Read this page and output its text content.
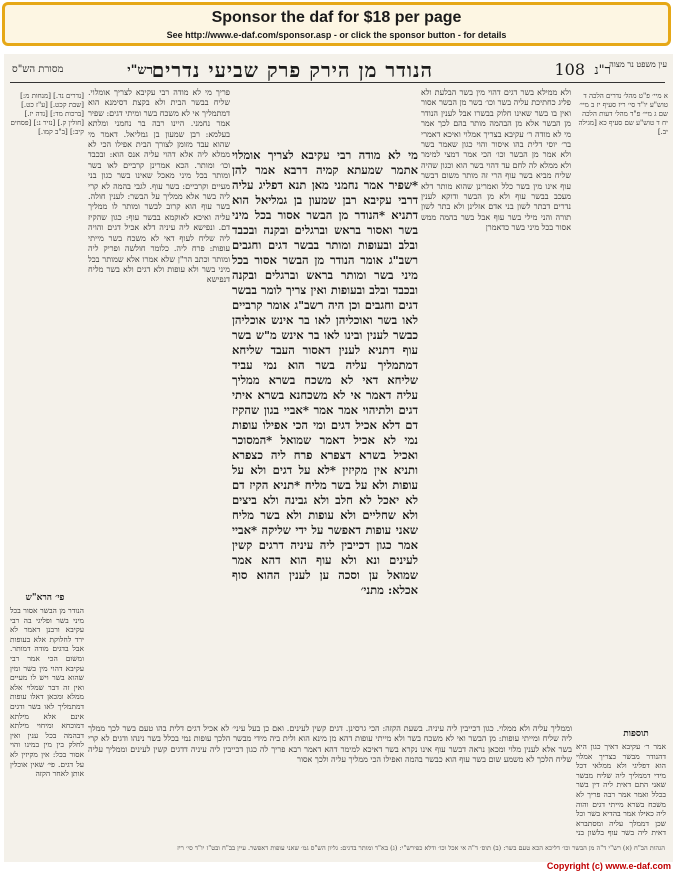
Sponsor the daf for $18 per page
See http://www.e-daf.com/sponsor.asp - or click the sponsor button - for details
108 ר"נ
הנודר מן הירק פרק שביעי נדרים
רש"י
מסורת הש"ס	עין משפט נר מצוה
פריך מי לא מודה רבי עקיבא לצריך אומלוי. שליח בבשר הבית ולא בקצת דסימנא הוא דמתמליך אי לא משכח בשר ומיתי דגים: שפיר אמר נחמני. היינו רבה בר נחמני ומלתא בעלמא: רבן שמעון בן גמליאל. דאמר מי שהוא עבד מזומן לצורך הבית אפילו הכי לא ממלא ליה אלא דהוי עליה אנס הוא: ובכבד וכו׳ ומותר. הכא אמרינן קרביים לאו בשר ומותר בכל מיני מאכל שאינו בשר כגון בני מעיים וקרביים: בשר עוף. לגבי בהמה לא קרי ליה בשר אלא ממליך על הבשר: לענין חולה. בשר עוף הוא קרוב לבשר ומותר לו ממליך עליה ואיכא לאוקמא בבשר עוף: כגון שהקיז דם. ונפישא ליה עיניה דלא אכיל דגים והויה ליה שליח לעוף דאי לא משכח בשר מייתי עופות: פרח ליה. כלומר חולשה ופריק ליה ומותר וכתב הר"ן שלא אמרו אלא שמותר בכל מיני בשר ולא עופות ולא דגים ולא בשר מליח דנפישא
מי לא מודה רבי עקיבא לצריך אומלוי אתמר שמעתא קמיה דרבא אמר להן *שפיר אמר נחמני מאן תנא דפליג עליה דרבי עקיבא רבן שמעון בן גמליאל הוא דתניא *הנודר מן הבשר אסור בכל מיני בשר ואסור בראש וברגלים ובקנה ובכבד ובלב ובעופות ומותר בבשר דגים וחגבים רשב"ג אומר הנודר מן הבשר אסור בכל מיני בשר ומותר בראש וברגלים ובקנה ובכבד ובלב ובעופות ואין צריך לומר בבשר דגים וחגבים וכן היה רשב"ג אומר קרביים לאו בשר ואוכליהן לאו בר אינש אוכליהן כבשר לענין ובינו לאו בר אינש מ"ש בשר עוף דתניא לענין דאסור העבד שליחא דמתמליך עליה בשר הוא נמי עביד שליחא דאי לא משכח בשרא ממליך עליה דאמר אי לא משכחנא בשרא איתי דגים ולתיהוי אמר אמר *אביי בגון שהקיז דם דלא אכיל דגים ומי הכי אפילו עופות נמי לא אכיל דאמר שמואל *המסוכר ואכיל בשרא דצפרא פרח ליה כצפרא ותניא אין מקיזין *לא על דגים ולא על עופות ולא על בשר מליח *תניא הקיז דם לא יאכל לא חלב ולא גבינה ולא ביצים ולא שחליים ולא עופות ולא בשר מליח שאני עופות דאפשר על ידי שליקה *אביי אמר כגון דכייבין ליה עיניה דרגים קשין לעינים ונא ולא עוף הוא דהא אמר שמואל ען וסכה ען לענין ההוא סוף אכלא: מתני׳
ולא ממילא בשר דגים דהוי מין בשר הבלעת ולא פליג כחתיכת עליה בשר וכו׳ בשר מן הבשר אסור ואין בו בשר שאינו חלוק בבשרו אבל לענין הנודר מן הבשר אלא מן הבהמה מותר בהם לכך אמר מי לא מודה ר׳ עקיבא בצריך אמלוי ואיכא דאמרי בר׳ יוסי דלית בהו איסור והוי כגון שאמר בשר ולא אמר מן הבשר וכו׳ הכי אמר דמצי למימר ולא ממלא לה לחם עד דהוי בשר הוא וכגון שהיה שליח מביא בשר עוף הרי זה מותר משום דבשר עוף אינו מין בשר כלל ואמרינן שהוא מותר דלא מעכב בבשר עוף ולא מן הבשר ודוקא לענין נדרים דבתר לשון בני אדם אזלינן ולא בתר לשון תורה והני מילי בשר עוף אבל בשר בהמה ממש אסור בכל מיני בשר כדאמרן
פי׳ הרא"ש
הנודר מן הבשר אסור בכל מיני בשר ופליגי בה רבי עקיבא ורבנן דאמר לא ירד לחלוקת אלא בעופות אבל בדגים מודה דמותר. ומשום הכי אמר רבי עקיבא דהוי מין בשר ומין שהוא בשר ויש לו מעיים ואין זה דבר שמלוי אלא ממלא ומכאן דאלו עופות דמתמליך לאו בשר ודגים אינם אלא מילתא דמוכחא ומיחוי מילתא דבהמה בכל ענין ואין לחלק בין מין במינו והוי אסור בכל: אין מקיזין לא על דגים. פי׳ שאין אוכלין אותן לאחר הקזה
תוספות
אמר ר׳ עקיבא דאיך כגון היא דהנודר מבשר בצריך אמלוי הוא דפליגי ולא ממלאי דכל מידי דממליך ליה שליח מבשר שאני התם דאית ליה דין בשר בכלל ואמר אמר רבה פריך לא משכח בשרא מייתי דגים והוה ליה כאילו אמר בהדיא בשר וכל שכן דממלך עליה ומסתברא דאית ליה בשר עוף בלשון בני
וממליך עליה ולא ממלוי. כגון דכייבין ליה עיניה. בשעת הקזה: הכי גרסינן. דגים קשין לעינים. ואם כן בעל עיני׳ לא אכיל דגים דלית בהו טעם בשר לכך ממלך ליה שליח ומייתי עופות: מן הבשר ואי לא משכח בשר ולא מייתי עופות דהא מן מינא הוא ולית ביה מידי מבשר הלכך עופות נמי בכלל בשר נינהו ודגים לא קרי בשר אלא לענין מלוי ומכאן נראה דבשר עוף אינו נקרא בשר דאיכא למימר דהא דאמר רבא פריך לה כגון דכייבין ליה עיניה דדגים קשין לעינים וממליך עליה שליח הלכך לא משמע שום בשר עוף הוא כבשר בהמה ואפילו הכי ממליך עליה ולכך אסור
[נדרים נד.] [מנחות מ:] [שבת קכט.] [ע"ז כט.] [ברכות מד:] [נדה יז.] [חולין ק.] [נזיר נ:] [פסחים קיב:] [ב"ב קמו.]
א מיי׳ פ"ט מהל׳ נדרים הלכה ד טוש"ע יו"ד סי׳ ריז סעיף יז ב מיי׳ שם ג מיי׳ פ"ד מהל׳ דעות הלכה יח ד טוש"ע שם סעיף כא [מגילה יב.]
הגהות הב"ח (א) רש"י ד"ה מן הבשר וכו׳ דליכא הכא טעם בשר: (ב) תוס׳ ד"ה אי אכל וכו׳ ודלא כפירש"י: (ג) בא"ד ומותר בדגים: גליון הש"ס גמ׳ שאני עופות דאפשר. עיין בב"ח ובט"ז יו"ד סי׳ ריז
Copyright (c) www.e-daf.com
